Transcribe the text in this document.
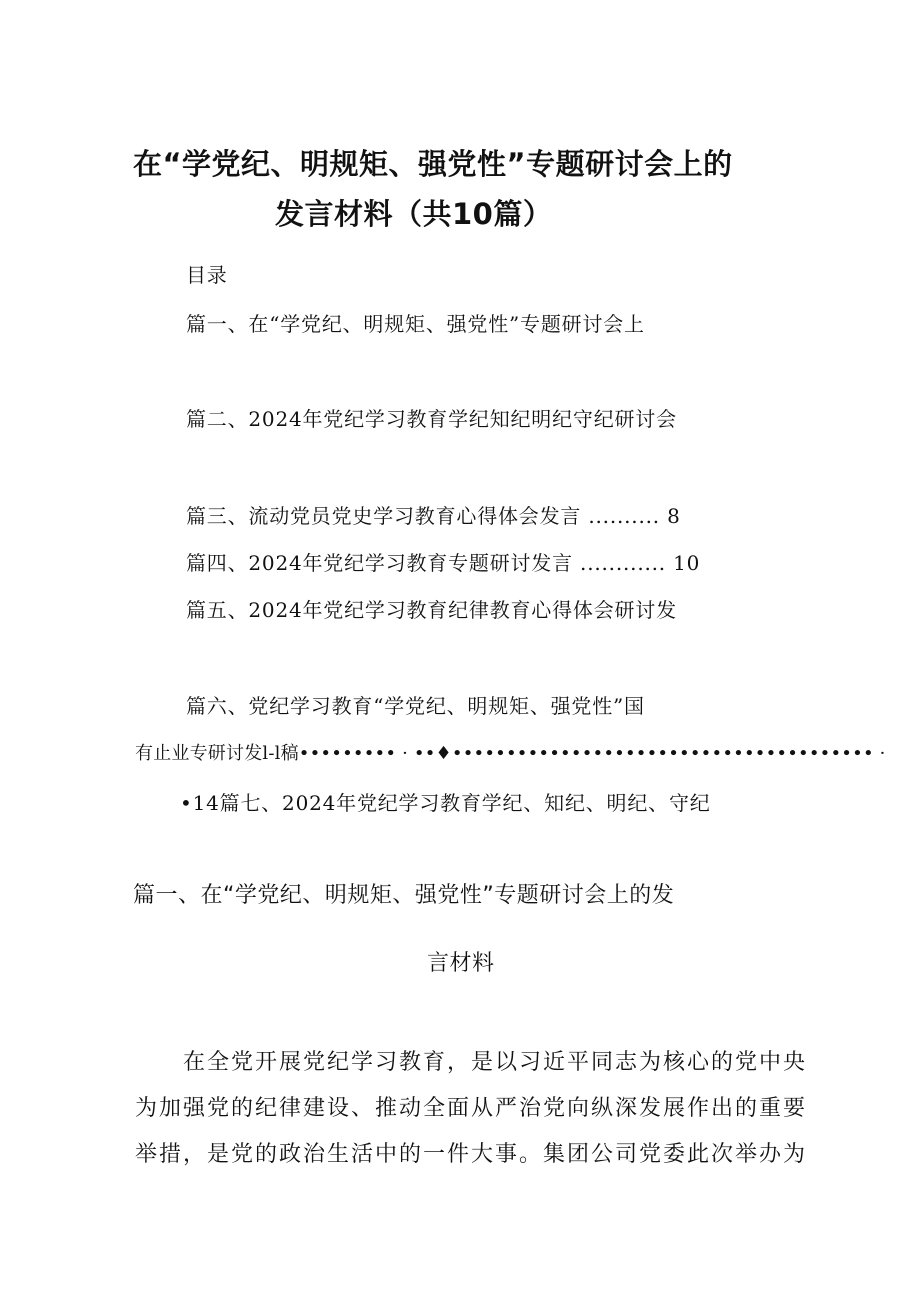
在“学党纪、明规矩、强党性”专题研讨会上的
发言材料（共10篇）
目录
篇一、在“学党纪、明规矩、强党性”专题研讨会上
篇二、2024年党纪学习教育学纪知纪明纪守纪研讨会
篇三、流动党员党史学习教育心得体会发言 .......... 8
篇四、2024年党纪学习教育专题研讨发言 ............ 10
篇五、2024年党纪学习教育纪律教育心得体会研讨发
篇六、党纪学习教育“学党纪、明规矩、强党性”国
有止业专研讨发l-l稿••••••••• · ••♦••••••••••••••••••••••••••••••••••••••• ·
•14篇七、2024年党纪学习教育学纪、知纪、明纪、守纪
篇一、在“学党纪、明规矩、强党性”专题研讨会上的发
言材料
在全党开展党纪学习教育，是以习近平同志为核心的党中央
为加强党的纪律建设、推动全面从严治党向纵深发展作出的重要
举措，是党的政治生活中的一件大事。集团公司党委此次举办为
